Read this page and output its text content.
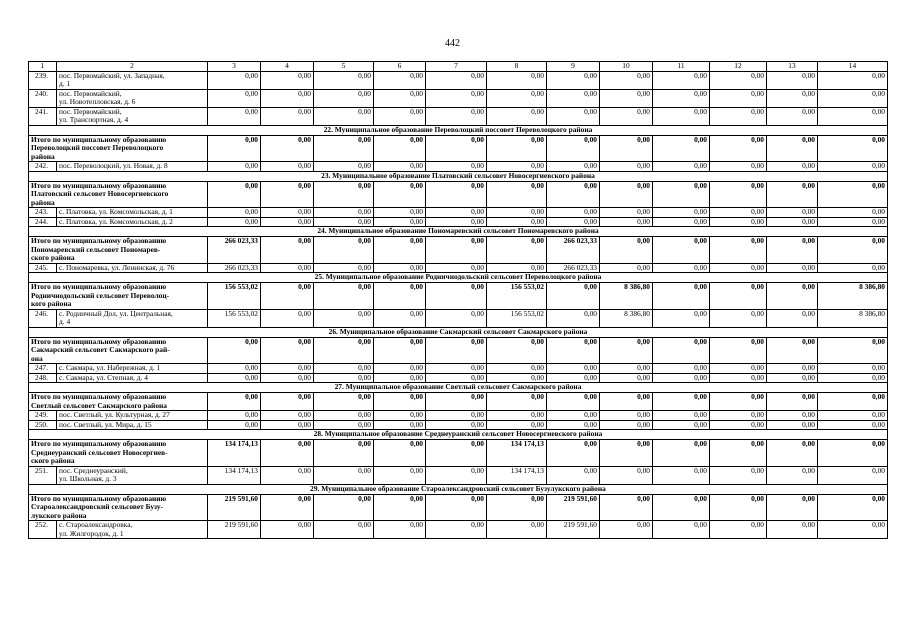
442
1	2	3	4	5	6	7	8	9	10	11	12	13	14
239.	пос. Первомайский, ул. Западная,
д. 1	0,00	0,00	0,00	0,00	0,00	0,00	0,00	0,00	0,00	0,00	0,00	0,00
240.	пос. Первомайский,
ул. Новотепловская, д. 6	0,00	0,00	0,00	0,00	0,00	0,00	0,00	0,00	0,00	0,00	0,00	0,00
241.	пос. Первомайский,
ул. Транспортная, д. 4	0,00	0,00	0,00	0,00	0,00	0,00	0,00	0,00	0,00	0,00	0,00	0,00
22. Муниципальное образование Переволоцкий поссовет Переволоцкого района													

Итого по муниципальному образованию
Переволоцкий поссовет Переволоцкого
района		0,00	0,00	0,00	0,00	0,00	0,00	0,00	0,00	0,00	0,00	0,00	0,00
242.	пос. Переволоцкий, ул. Новая, д. 8	0,00	0,00	0,00	0,00	0,00	0,00	0,00	0,00	0,00	0,00	0,00	0,00
23. Муниципальное образование Платовский сельсовет Новосергиевского района													

Итого по муниципальному образованию
Платовский сельсовет Новосергиевского
района		0,00	0,00	0,00	0,00	0,00	0,00	0,00	0,00	0,00	0,00	0,00	0,00
243.	с. Платовка, ул. Комсомольская, д. 1	0,00	0,00	0,00	0,00	0,00	0,00	0,00	0,00	0,00	0,00	0,00	0,00
244.	с. Платовка, ул. Комсомольская, д. 2	0,00	0,00	0,00	0,00	0,00	0,00	0,00	0,00	0,00	0,00	0,00	0,00
24. Муниципальное образование Пономаревский сельсовет Пономаревского района													

Итого по муниципальному образованию
Пономаревский сельсовет Пономарев-
ского района		266 023,33	0,00	0,00	0,00	0,00	0,00	266 023,33	0,00	0,00	0,00	0,00	0,00
245.	с. Пономаревка, ул. Ленинская, д. 76	266 023,33	0,00	0,00	0,00	0,00	0,00	266 023,33	0,00	0,00	0,00	0,00	0,00
25. Муниципальное образование Родничнодольский сельсовет Переволоцкого района													

Итого по муниципальному образованию
Родничнодольский сельсовет Переволоц-
кого района		156 553,02	0,00	0,00	0,00	0,00	156 553,02	0,00	8 386,80	0,00	0,00	0,00	8 386,80
246.	с. Родничный Дол, ул. Центральная,
д. 4	156 553,02	0,00	0,00	0,00	0,00	156 553,02	0,00	8 386,80	0,00	0,00	0,00	8 386,80
26. Муниципальное образование Сакмарский сельсовет Сакмарского района													

Итого по муниципальному образованию
Сакмарский сельсовет Сакмарского рай-
она		0,00	0,00	0,00	0,00	0,00	0,00	0,00	0,00	0,00	0,00	0,00	0,00
247.	с. Сакмара, ул. Набережная, д. 1	0,00	0,00	0,00	0,00	0,00	0,00	0,00	0,00	0,00	0,00	0,00	0,00
248.	с. Сакмара, ул. Степная, д. 4	0,00	0,00	0,00	0,00	0,00	0,00	0,00	0,00	0,00	0,00	0,00	0,00
27. Муниципальное образование Светлый сельсовет Сакмарского района													

Итого по муниципальному образованию
Светлый сельсовет Сакмарского района		0,00	0,00	0,00	0,00	0,00	0,00	0,00	0,00	0,00	0,00	0,00	0,00
249.	пос. Светлый, ул. Культурная, д. 27	0,00	0,00	0,00	0,00	0,00	0,00	0,00	0,00	0,00	0,00	0,00	0,00
250.	пос. Светлый, ул. Мира, д. 15	0,00	0,00	0,00	0,00	0,00	0,00	0,00	0,00	0,00	0,00	0,00	0,00
28. Муниципальное образование Среднеуранский сельсовет Новосергиевского района													

Итого по муниципальному образованию
Среднеуранский сельсовет Новосергиев-
ского района		134 174,13	0,00	0,00	0,00	0,00	134 174,13	0,00	0,00	0,00	0,00	0,00	0,00
251.	пос. Среднеуранский,
ул. Школьная, д. 3	134 174,13	0,00	0,00	0,00	0,00	134 174,13	0,00	0,00	0,00	0,00	0,00	0,00
29. Муниципальное образование Староалександровский сельсовет Бузулукского района													

Итого по муниципальному образованию
Староалександровский сельсовет Бузу-
лукского района		219 591,60	0,00	0,00	0,00	0,00	0,00	219 591,60	0,00	0,00	0,00	0,00	0,00
252.	с. Староалександровка,
ул. Жилгородок, д. 1	219 591,60	0,00	0,00	0,00	0,00	0,00	219 591,60	0,00	0,00	0,00	0,00	0,00
